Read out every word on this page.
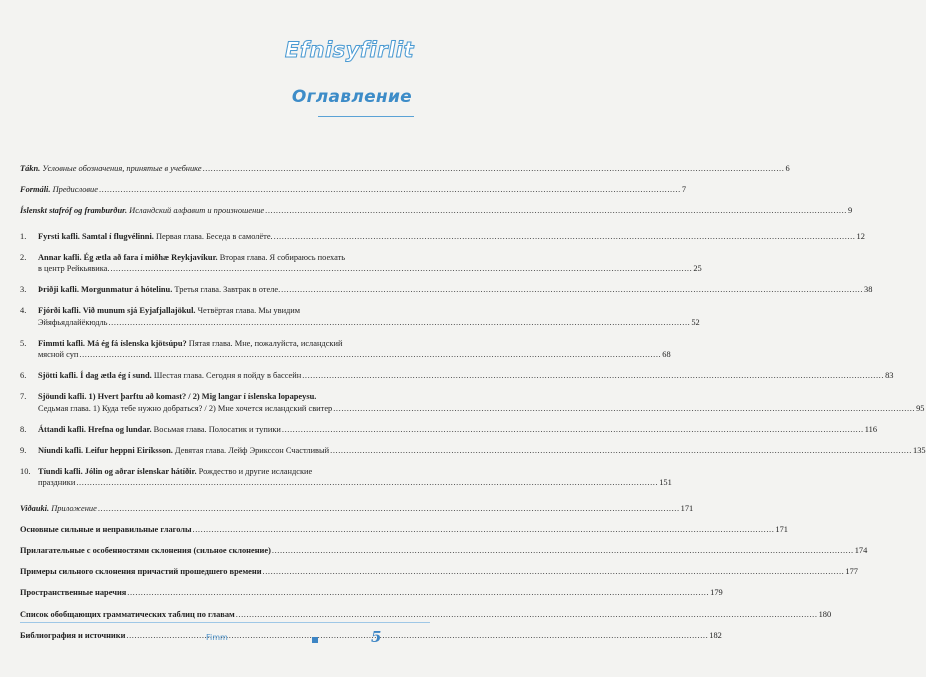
Efnisyfirlit
Оглавление
Tákn. Условные обозначения, принятые в учебнике .....	6
Formáli. Предисловие .....	7
Íslenskt stafróf og framburður. Исландский алфавит и произношение .....	9
1.	Fyrsti kafli. Samtal í flugvélinni. Первая глава. Беседа в самолёте. .....	12
2.	Annar kafli. Ég ætla að fara í miðhæ Reykjavíkur. Вторая глава. Я собираюсь поехать
в центр Рейкьявика. .....	25
3.	Þriðji kafli. Morgunmatur á hótelinu. Третья глава. Завтрак в отеле. .....	38
4.	Fjórði kafli. Við munum sjá Eyjafjallajökul. Четвёртая глава. Мы увидим
Эйяфьядлайёкюдль .....	52
5.	Fimmti kafli. Má ég fá íslenska kjötsúpu? Пятая глава. Мне, пожалуйста, исландский
мясной суп .....	68
6.	Sjötti kafli. Í dag ætla ég í sund. Шестая глава. Сегодня я пойду в бассейн .....	83
7.	Sjöundi kafli. 1) Hvert þarftu að komast? / 2) Mig langar í íslenska lopapeysu.
Седьмая глава. 1) Куда тебе нужно добраться? / 2) Мне хочется исландский свитер .....	95
8.	Áttandi kafli. Hrefna og lundar. Восьмая глава. Полосатик и тупики .....	116
9.	Níundi kafli. Leifur heppni Eiríksson. Девятая глава. Лейф Эрикссон Счастливый .....	135
10. Tíundi kafli. Jólin og aðrar íslenskar hátíðir. Рождество и другие исландские
праздники .....	151
Viðauki. Приложение .....	171
Основные сильные и неправильные глаголы .....	171
Прилагательные с особенностями склонения (сильное склонение) .....	174
Примеры сильного склонения причастий прошедшего времени .....	177
Пространственные наречия .....	179
Список обобщающих грамматических таблиц по главам .....	180
Библиография и источники .....	182
Fimm	5
